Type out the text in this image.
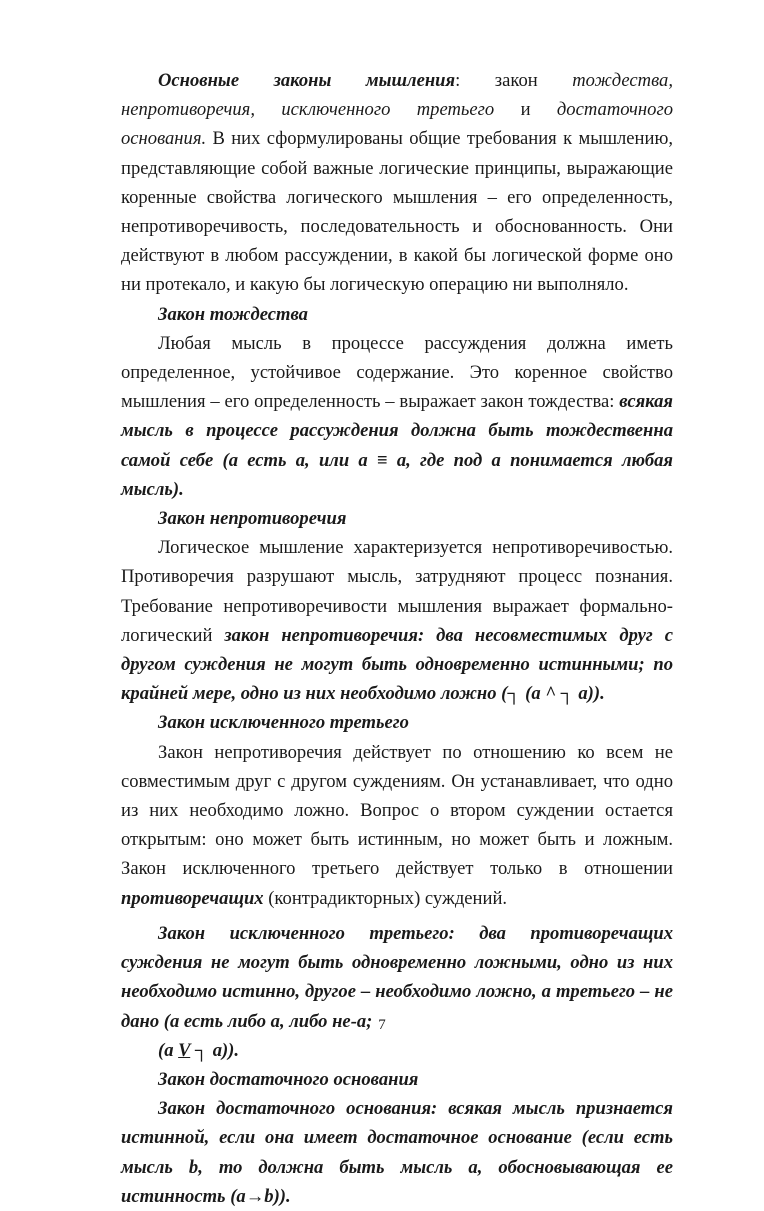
Основные законы мышления: закон тождества, непротиворечия, исключенного третьего и достаточного основания. В них сформулированы общие требования к мышлению, представляющие собой важные логические принципы, выражающие коренные свойства логического мышления – его определенность, непротиворечивость, последовательность и обоснованность. Они действуют в любом рассуждении, в какой бы логической форме оно ни протекало, и какую бы логическую операцию ни выполняло.

Закон тождества

Любая мысль в процессе рассуждения должна иметь определенное, устойчивое содержание. Это коренное свойство мышления – его определенность – выражает закон тождества: всякая мысль в процессе рассуждения должна быть тождественна самой себе (а есть а, или а ≡ а, где под а понимается любая мысль).

Закон непротиворечия

Логическое мышление характеризуется непротиворечивостью. Противоречия разрушают мысль, затрудняют процесс познания. Требование непротиворечивости мышления выражает формально-логический закон непротиворечия: два несовместимых друг с другом суждения не могут быть одновременно истинными; по крайней мере, одно из них необходимо ложно (┐ (а ^ ┐ а)).

Закон исключенного третьего

Закон непротиворечия действует по отношению ко всем не совместимым друг с другом суждениям. Он устанавливает, что одно из них необходимо ложно. Вопрос о втором суждении остается открытым: оно может быть истинным, но может быть и ложным. Закон исключенного третьего действует только в отношении противоречащих (контрадикторных) суждений.

Закон исключенного третьего: два противоречащих суждения не могут быть одновременно ложными, одно из них необходимо истинно, другое – необходимо ложно, а третьего – не дано (а есть либо а, либо не-а;

(а V ┐ а)).

Закон достаточного основания

Закон достаточного основания: всякая мысль признается истинной, если она имеет достаточное основание (если есть мысль b, то должна быть мысль а, обосновывающая ее истинность (а→b)).

7
